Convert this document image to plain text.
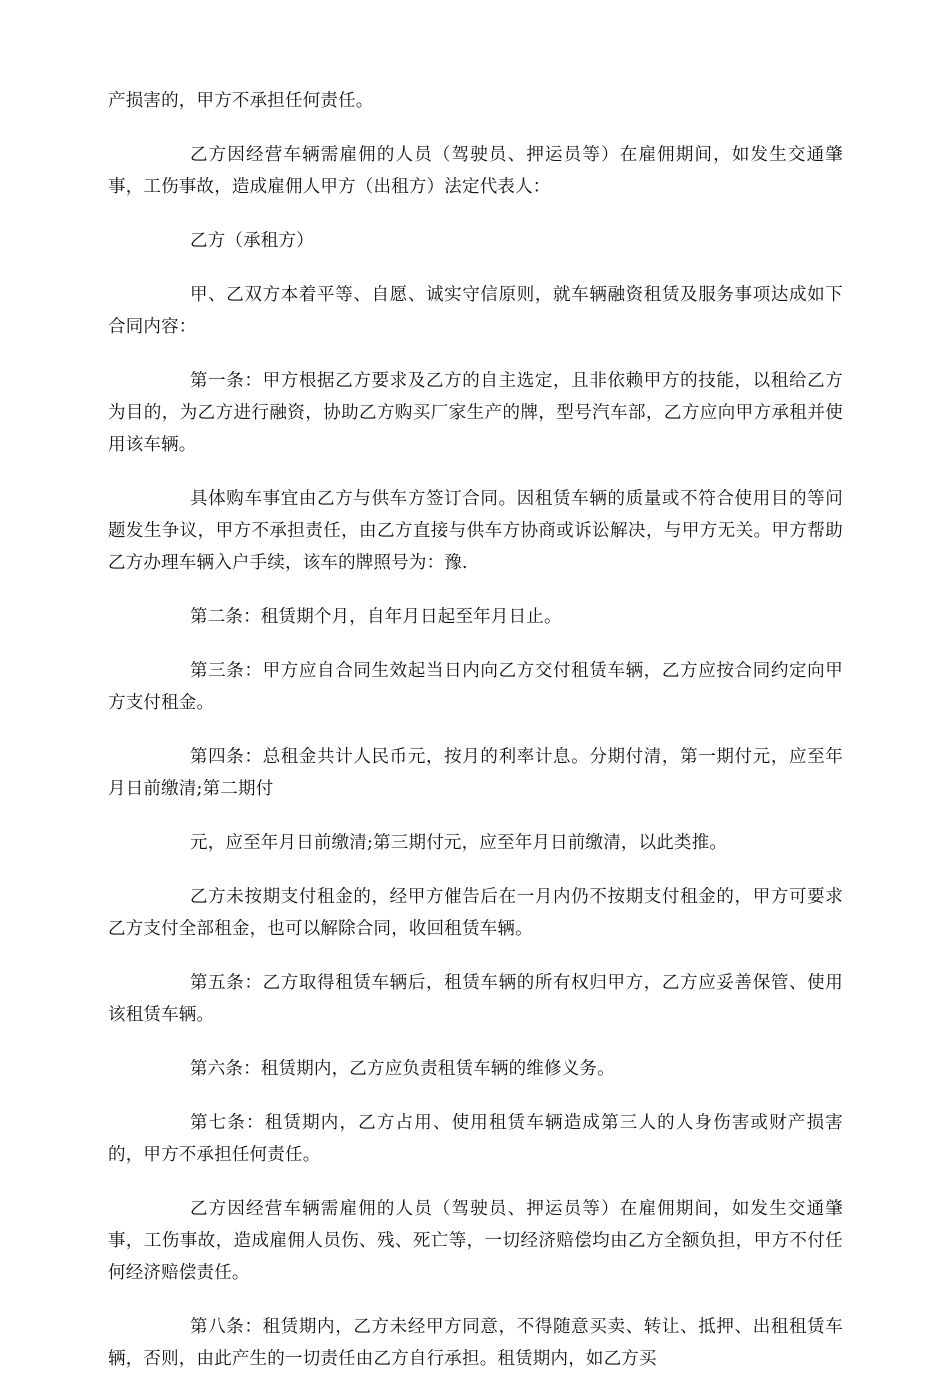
产损害的，甲方不承担任何责任。

乙方因经营车辆需雇佣的人员（驾驶员、押运员等）在雇佣期间，如发生交通肇事，工伤事故，造成雇佣人甲方（出租方）法定代表人：

乙方（承租方）

甲、乙双方本着平等、自愿、诚实守信原则，就车辆融资租赁及服务事项达成如下合同内容：

第一条：甲方根据乙方要求及乙方的自主选定，且非依赖甲方的技能，以租给乙方为目的，为乙方进行融资，协助乙方购买厂家生产的牌，型号汽车部，乙方应向甲方承租并使用该车辆。

具体购车事宜由乙方与供车方签订合同。因租赁车辆的质量或不符合使用目的等问题发生争议，甲方不承担责任，由乙方直接与供车方协商或诉讼解决，与甲方无关。甲方帮助乙方办理车辆入户手续，该车的牌照号为：豫.

第二条：租赁期个月，自年月日起至年月日止。

第三条：甲方应自合同生效起当日内向乙方交付租赁车辆，乙方应按合同约定向甲方支付租金。

第四条：总租金共计人民币元，按月的利率计息。分期付清，第一期付元，应至年月日前缴清;第二期付

元，应至年月日前缴清;第三期付元，应至年月日前缴清，以此类推。

乙方未按期支付租金的，经甲方催告后在一月内仍不按期支付租金的，甲方可要求乙方支付全部租金，也可以解除合同，收回租赁车辆。

第五条：乙方取得租赁车辆后，租赁车辆的所有权归甲方，乙方应妥善保管、使用该租赁车辆。

第六条：租赁期内，乙方应负责租赁车辆的维修义务。

第七条：租赁期内，乙方占用、使用租赁车辆造成第三人的人身伤害或财产损害的，甲方不承担任何责任。

乙方因经营车辆需雇佣的人员（驾驶员、押运员等）在雇佣期间，如发生交通肇事，工伤事故，造成雇佣人员伤、残、死亡等，一切经济赔偿均由乙方全额负担，甲方不付任何经济赔偿责任。

第八条：租赁期内，乙方未经甲方同意，不得随意买卖、转让、抵押、出租租赁车辆，否则，由此产生的一切责任由乙方自行承担。租赁期内，如乙方买
